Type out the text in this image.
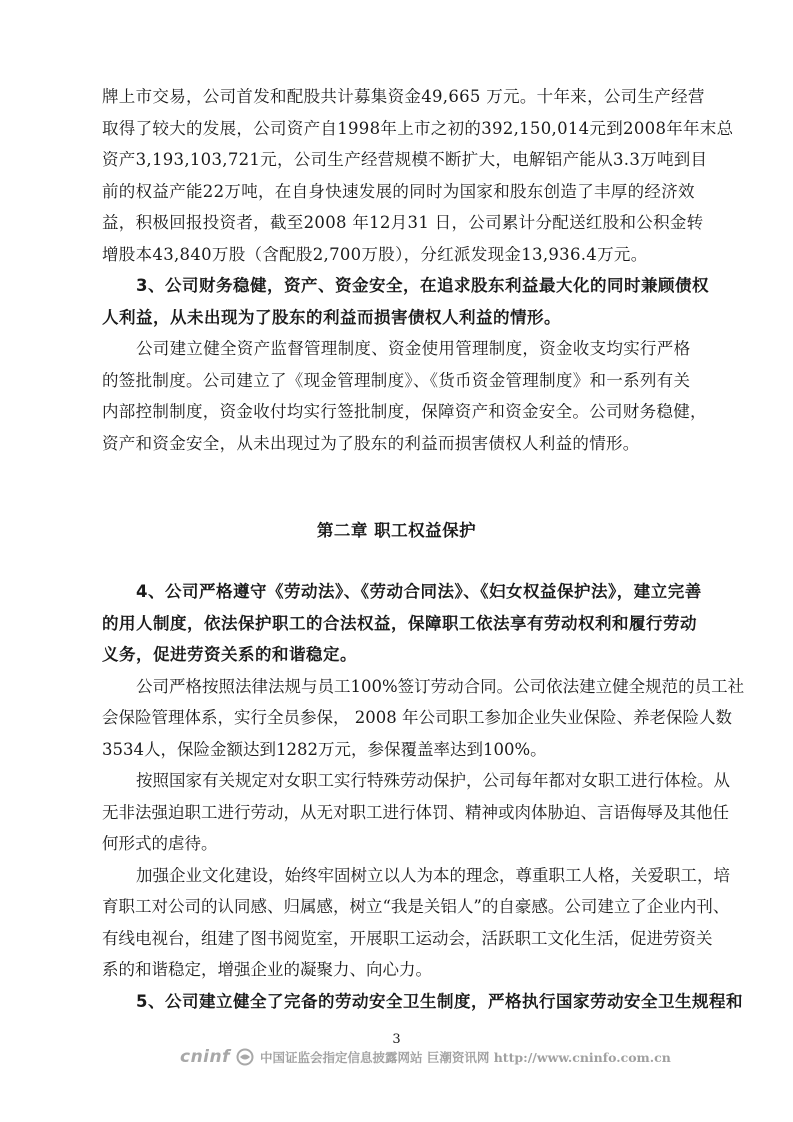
牌上市交易，公司首发和配股共计募集资金49,665 万元。十年来，公司生产经营
取得了较大的发展，公司资产自1998年上市之初的392,150,014元到2008年年末总
资产3,193,103,721元，公司生产经营规模不断扩大，电解铝产能从3.3万吨到目
前的权益产能22万吨，在自身快速发展的同时为国家和股东创造了丰厚的经济效
益，积极回报投资者，截至2008 年12月31 日，公司累计分配送红股和公积金转
增股本43,840万股（含配股2,700万股），分红派发现金13,936.4万元。
3、公司财务稳健，资产、资金安全，在追求股东利益最大化的同时兼顾债权
人利益，从未出现为了股东的利益而损害债权人利益的情形。
公司建立健全资产监督管理制度、资金使用管理制度，资金收支均实行严格
的签批制度。公司建立了《现金管理制度》、《货币资金管理制度》和一系列有关
内部控制制度，资金收付均实行签批制度，保障资产和资金安全。公司财务稳健，
资产和资金安全，从未出现过为了股东的利益而损害债权人利益的情形。
第二章 职工权益保护
4、公司严格遵守《劳动法》、《劳动合同法》、《妇女权益保护法》，建立完善
的用人制度，依法保护职工的合法权益，保障职工依法享有劳动权利和履行劳动
义务，促进劳资关系的和谐稳定。
公司严格按照法律法规与员工100%签订劳动合同。公司依法建立健全规范的员工社
会保险管理体系，实行全员参保， 2008 年公司职工参加企业失业保险、养老保险人数
3534人，保险金额达到1282万元，参保覆盖率达到100%。
按照国家有关规定对女职工实行特殊劳动保护，公司每年都对女职工进行体检。从
无非法强迫职工进行劳动，从无对职工进行体罚、精神或肉体胁迫、言语侮辱及其他任
何形式的虐待。
加强企业文化建设，始终牢固树立以人为本的理念，尊重职工人格，关爱职工，培
育职工对公司的认同感、归属感，树立“我是关铝人”的自豪感。公司建立了企业内刊、
3
cninf 中国证监会指定信息披露网站 巨潮资讯网 http://www.cninfo.com.cn
有线电视台，组建了图书阅览室，开展职工运动会，活跃职工文化生活，促进劳资关
系的和谐稳定，增强企业的凝聚力、向心力。
5、公司建立健全了完备的劳动安全卫生制度，严格执行国家劳动安全卫生规程和
